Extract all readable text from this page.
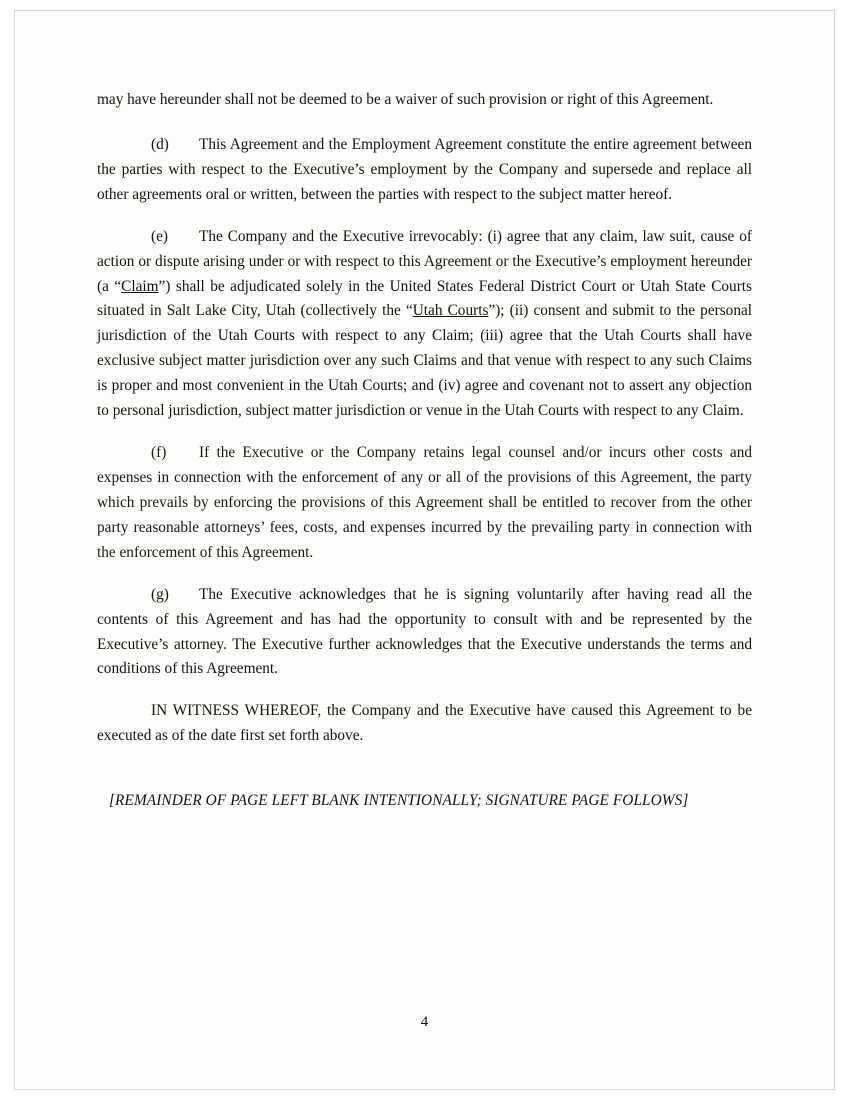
may have hereunder shall not be deemed to be a waiver of such provision or right of this Agreement.

(d) This Agreement and the Employment Agreement constitute the entire agreement between the parties with respect to the Executive’s employment by the Company and supersede and replace all other agreements oral or written, between the parties with respect to the subject matter hereof.

(e) The Company and the Executive irrevocably: (i) agree that any claim, law suit, cause of action or dispute arising under or with respect to this Agreement or the Executive’s employment hereunder (a “Claim”) shall be adjudicated solely in the United States Federal District Court or Utah State Courts situated in Salt Lake City, Utah (collectively the “Utah Courts”); (ii) consent and submit to the personal jurisdiction of the Utah Courts with respect to any Claim; (iii) agree that the Utah Courts shall have exclusive subject matter jurisdiction over any such Claims and that venue with respect to any such Claims is proper and most convenient in the Utah Courts; and (iv) agree and covenant not to assert any objection to personal jurisdiction, subject matter jurisdiction or venue in the Utah Courts with respect to any Claim.

(f) If the Executive or the Company retains legal counsel and/or incurs other costs and expenses in connection with the enforcement of any or all of the provisions of this Agreement, the party which prevails by enforcing the provisions of this Agreement shall be entitled to recover from the other party reasonable attorneys’ fees, costs, and expenses incurred by the prevailing party in connection with the enforcement of this Agreement.

(g) The Executive acknowledges that he is signing voluntarily after having read all the contents of this Agreement and has had the opportunity to consult with and be represented by the Executive’s attorney. The Executive further acknowledges that the Executive understands the terms and conditions of this Agreement.

IN WITNESS WHEREOF, the Company and the Executive have caused this Agreement to be executed as of the date first set forth above.

[REMAINDER OF PAGE LEFT BLANK INTENTIONALLY; SIGNATURE PAGE FOLLOWS]

4
